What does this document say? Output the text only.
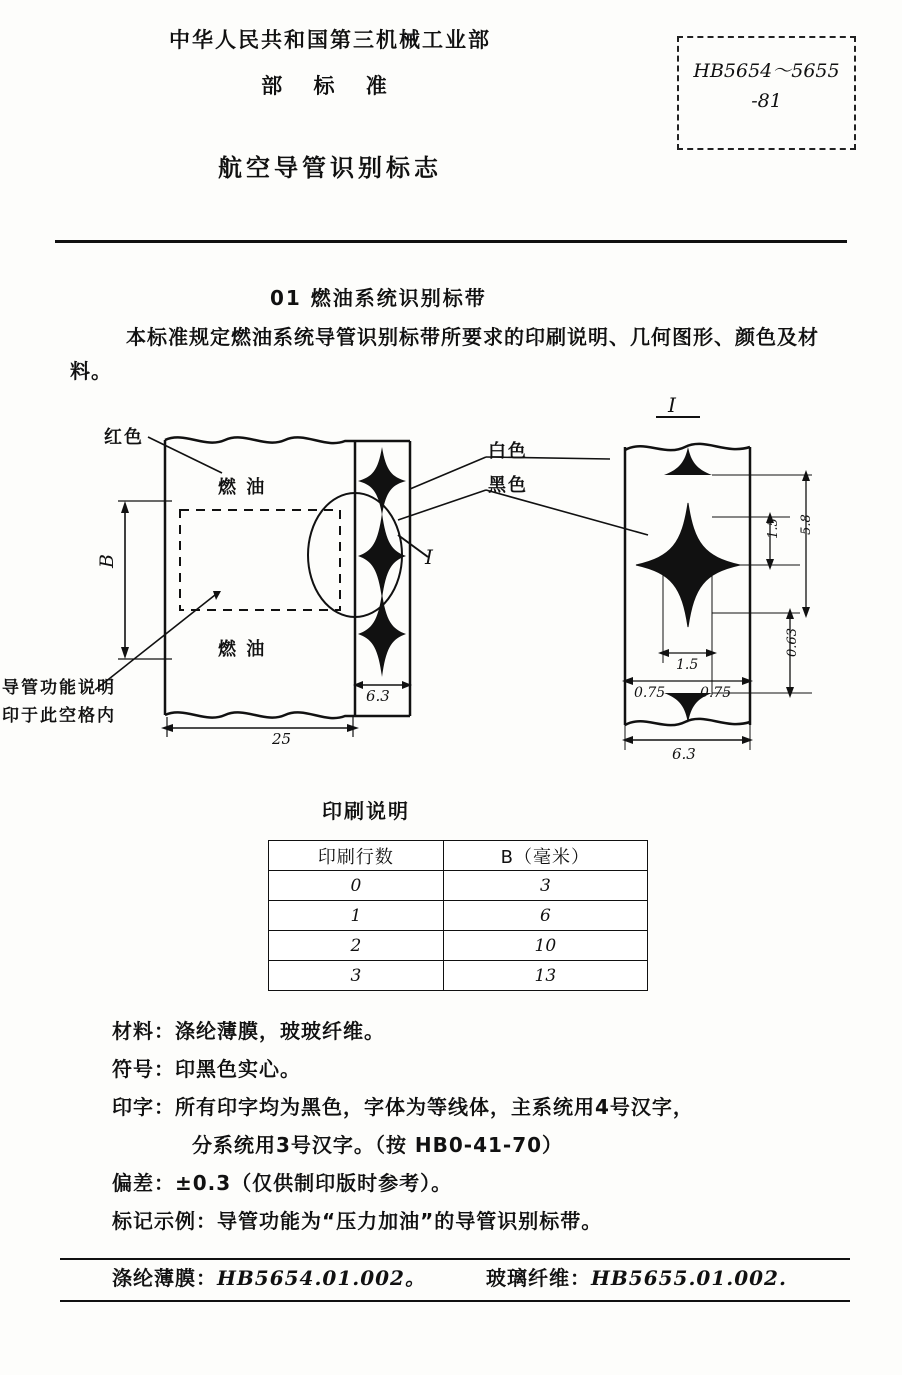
中华人民共和国第三机械工业部
部 标 准
航空导管识别标志
HB5654～5655
-81
01 燃油系统识别标带
本标准规定燃油系统导管识别标带所要求的印刷说明、几何图形、颜色及材料。
红色
白色
黑色
燃 油
燃 油
导管功能说明
印于此空格内
I
I
B
25
6.3
1.5 5.8
0.63
1.5
0.75 0.75
6.3
印刷说明
印刷行数	B（毫米）
0	3
1	6
2	10
3	13
材料：涤纶薄膜，玻玻纤维。
符号：印黑色实心。
印字：所有印字均为黑色，字体为等线体，主系统用4号汉字，
分系统用3号汉字。（按 HB0-41-70）
偏差：±0.3（仅供制印版时参考）。
标记示例：导管功能为“压力加油”的导管识别标带。
涤纶薄膜：HB5654.01.002。	玻璃纤维：HB5655.01.002.
